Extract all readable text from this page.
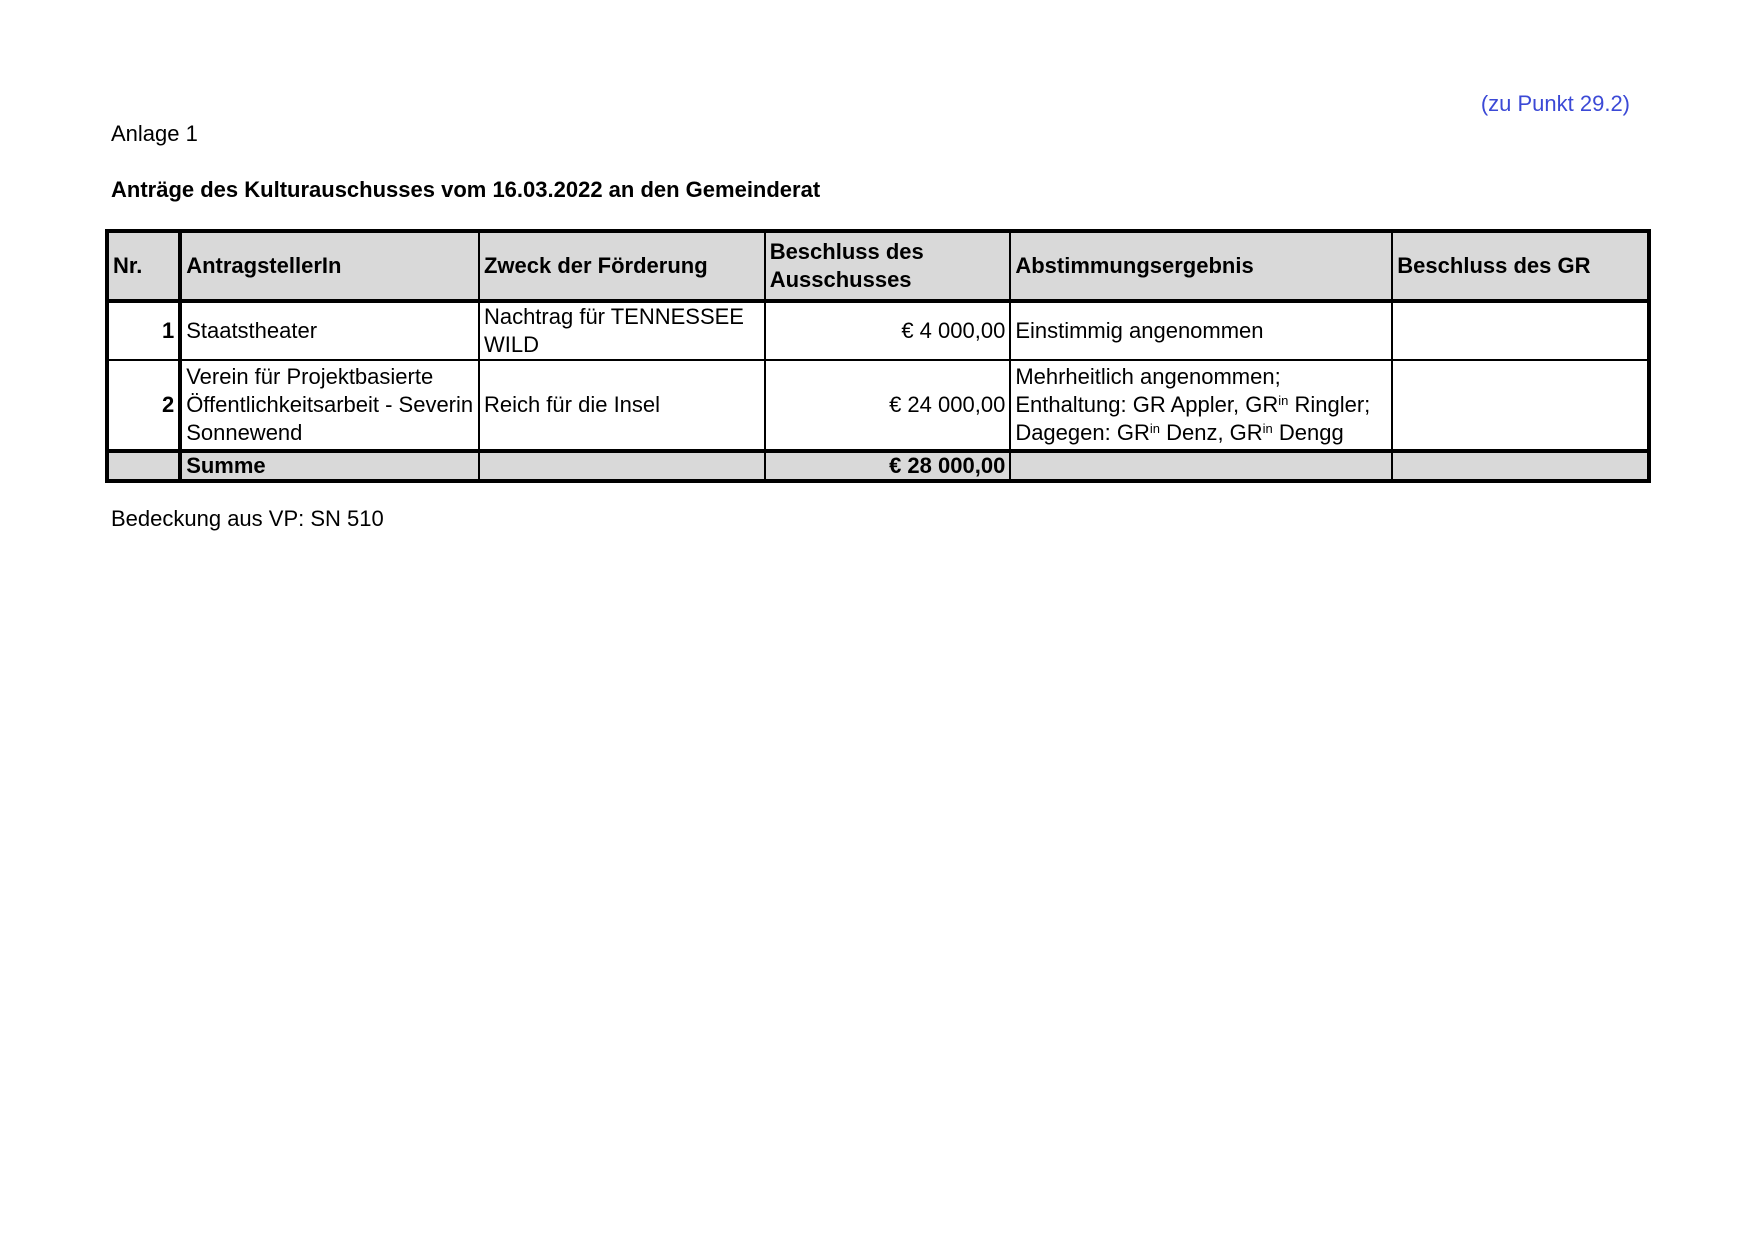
(zu Punkt 29.2)
Anlage 1
Anträge des Kulturauschusses vom 16.03.2022 an den Gemeinderat
Nr.	AntragstellerIn	Zweck der Förderung	Beschluss des Ausschusses	Abstimmungsergebnis	Beschluss des GR
1	Staatstheater	Nachtrag für TENNESSEE WILD	€ 4 000,00	Einstimmig angenommen	
2	Verein für Projektbasierte Öffentlichkeitsarbeit - Severin Sonnewend	Reich für die Insel	€ 24 000,00	Mehrheitlich angenommen;
Enthaltung: GR Appler, $GR^{in}$ Ringler;
Dagegen: $GR^{in}$ Denz, $GR^{in}$ Dengg	
	Summe		€ 28 000,00		
Bedeckung aus VP: SN 510
